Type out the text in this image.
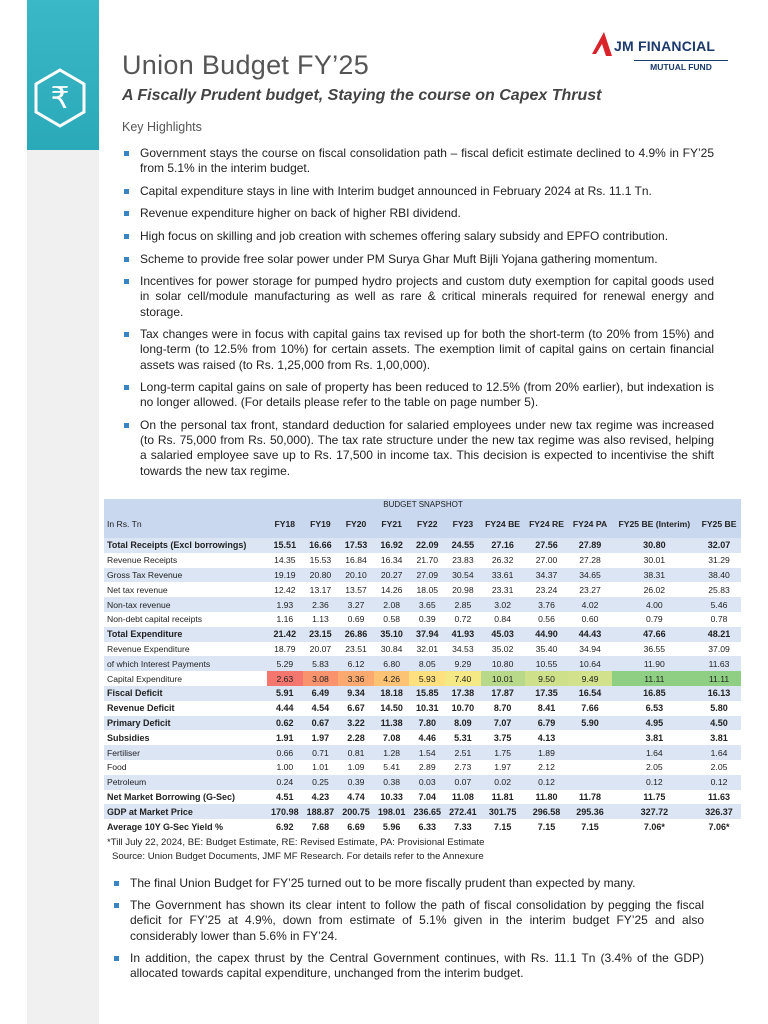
₹
JM FINANCIAL
MUTUAL FUND
Union Budget FY’25
A Fiscally Prudent budget, Staying the course on Capex Thrust
Key Highlights
Government stays the course on fiscal consolidation path – fiscal deficit estimate declined to 4.9% in FY’25 from 5.1% in the interim budget.
Capital expenditure stays in line with Interim budget announced in February 2024 at Rs. 11.1 Tn.
Revenue expenditure higher on back of higher RBI dividend.
High focus on skilling and job creation with schemes offering salary subsidy and EPFO contribution.
Scheme to provide free solar power under PM Surya Ghar Muft Bijli Yojana gathering momentum.
Incentives for power storage for pumped hydro projects and custom duty exemption for capital goods used in solar cell/module manufacturing as well as rare & critical minerals required for renewal energy and storage.
Tax changes were in focus with capital gains tax revised up for both the short-term (to 20% from 15%) and long-term (to 12.5% from 10%) for certain assets. The exemption limit of capital gains on certain financial assets was raised (to Rs. 1,25,000 from Rs. 1,00,000).
Long-term capital gains on sale of property has been reduced to 12.5% (from 20% earlier), but indexation is no longer allowed. (For details please refer to the table on page number 5).
On the personal tax front, standard deduction for salaried employees under new tax regime was increased (to Rs. 75,000 from Rs. 50,000). The tax rate structure under the new tax regime was also revised, helping a salaried employee save up to Rs. 17,500 in income tax. This decision is expected to incentivise the shift towards the new tax regime.
BUDGET SNAPSHOT											
In Rs. Tn	FY18	FY19	FY20	FY21	FY22	FY23	FY24 BE	FY24 RE	FY24 PA	FY25 BE (Interim)	FY25 BE
Total Receipts (Excl borrowings)	15.51	16.66	17.53	16.92	22.09	24.55	27.16	27.56	27.89	30.80	32.07
Revenue Receipts	14.35	15.53	16.84	16.34	21.70	23.83	26.32	27.00	27.28	30.01	31.29
Gross Tax Revenue	19.19	20.80	20.10	20.27	27.09	30.54	33.61	34.37	34.65	38.31	38.40
Net tax revenue	12.42	13.17	13.57	14.26	18.05	20.98	23.31	23.24	23.27	26.02	25.83
Non-tax revenue	1.93	2.36	3.27	2.08	3.65	2.85	3.02	3.76	4.02	4.00	5.46
Non-debt capital receipts	1.16	1.13	0.69	0.58	0.39	0.72	0.84	0.56	0.60	0.79	0.78
Total Expenditure	21.42	23.15	26.86	35.10	37.94	41.93	45.03	44.90	44.43	47.66	48.21
Revenue Expenditure	18.79	20.07	23.51	30.84	32.01	34.53	35.02	35.40	34.94	36.55	37.09
of which Interest Payments	5.29	5.83	6.12	6.80	8.05	9.29	10.80	10.55	10.64	11.90	11.63
Capital Expenditure	2.63	3.08	3.36	4.26	5.93	7.40	10.01	9.50	9.49	11.11	11.11
Fiscal Deficit	5.91	6.49	9.34	18.18	15.85	17.38	17.87	17.35	16.54	16.85	16.13
Revenue Deficit	4.44	4.54	6.67	14.50	10.31	10.70	8.70	8.41	7.66	6.53	5.80
Primary Deficit	0.62	0.67	3.22	11.38	7.80	8.09	7.07	6.79	5.90	4.95	4.50
Subsidies	1.91	1.97	2.28	7.08	4.46	5.31	3.75	4.13		3.81	3.81
Fertiliser	0.66	0.71	0.81	1.28	1.54	2.51	1.75	1.89		1.64	1.64
Food	1.00	1.01	1.09	5.41	2.89	2.73	1.97	2.12		2.05	2.05
Petroleum	0.24	0.25	0.39	0.38	0.03	0.07	0.02	0.12		0.12	0.12
Net Market Borrowing (G-Sec)	4.51	4.23	4.74	10.33	7.04	11.08	11.81	11.80	11.78	11.75	11.63
GDP at Market Price	170.98	188.87	200.75	198.01	236.65	272.41	301.75	296.58	295.36	327.72	326.37
Average 10Y G-Sec Yield %	6.92	7.68	6.69	5.96	6.33	7.33	7.15	7.15	7.15	7.06*	7.06*
*Till July 22, 2024, BE: Budget Estimate, RE: Revised Estimate, PA: Provisional Estimate
Source: Union Budget Documents, JMF MF Research. For details refer to the Annexure
The final Union Budget for FY’25 turned out to be more fiscally prudent than expected by many.
The Government has shown its clear intent to follow the path of fiscal consolidation by pegging the fiscal deficit for FY’25 at 4.9%, down from estimate of 5.1% given in the interim budget FY’25 and also considerably lower than 5.6% in FY’24.
In addition, the capex thrust by the Central Government continues, with Rs. 11.1 Tn (3.4% of the GDP) allocated towards capital expenditure, unchanged from the interim budget.
